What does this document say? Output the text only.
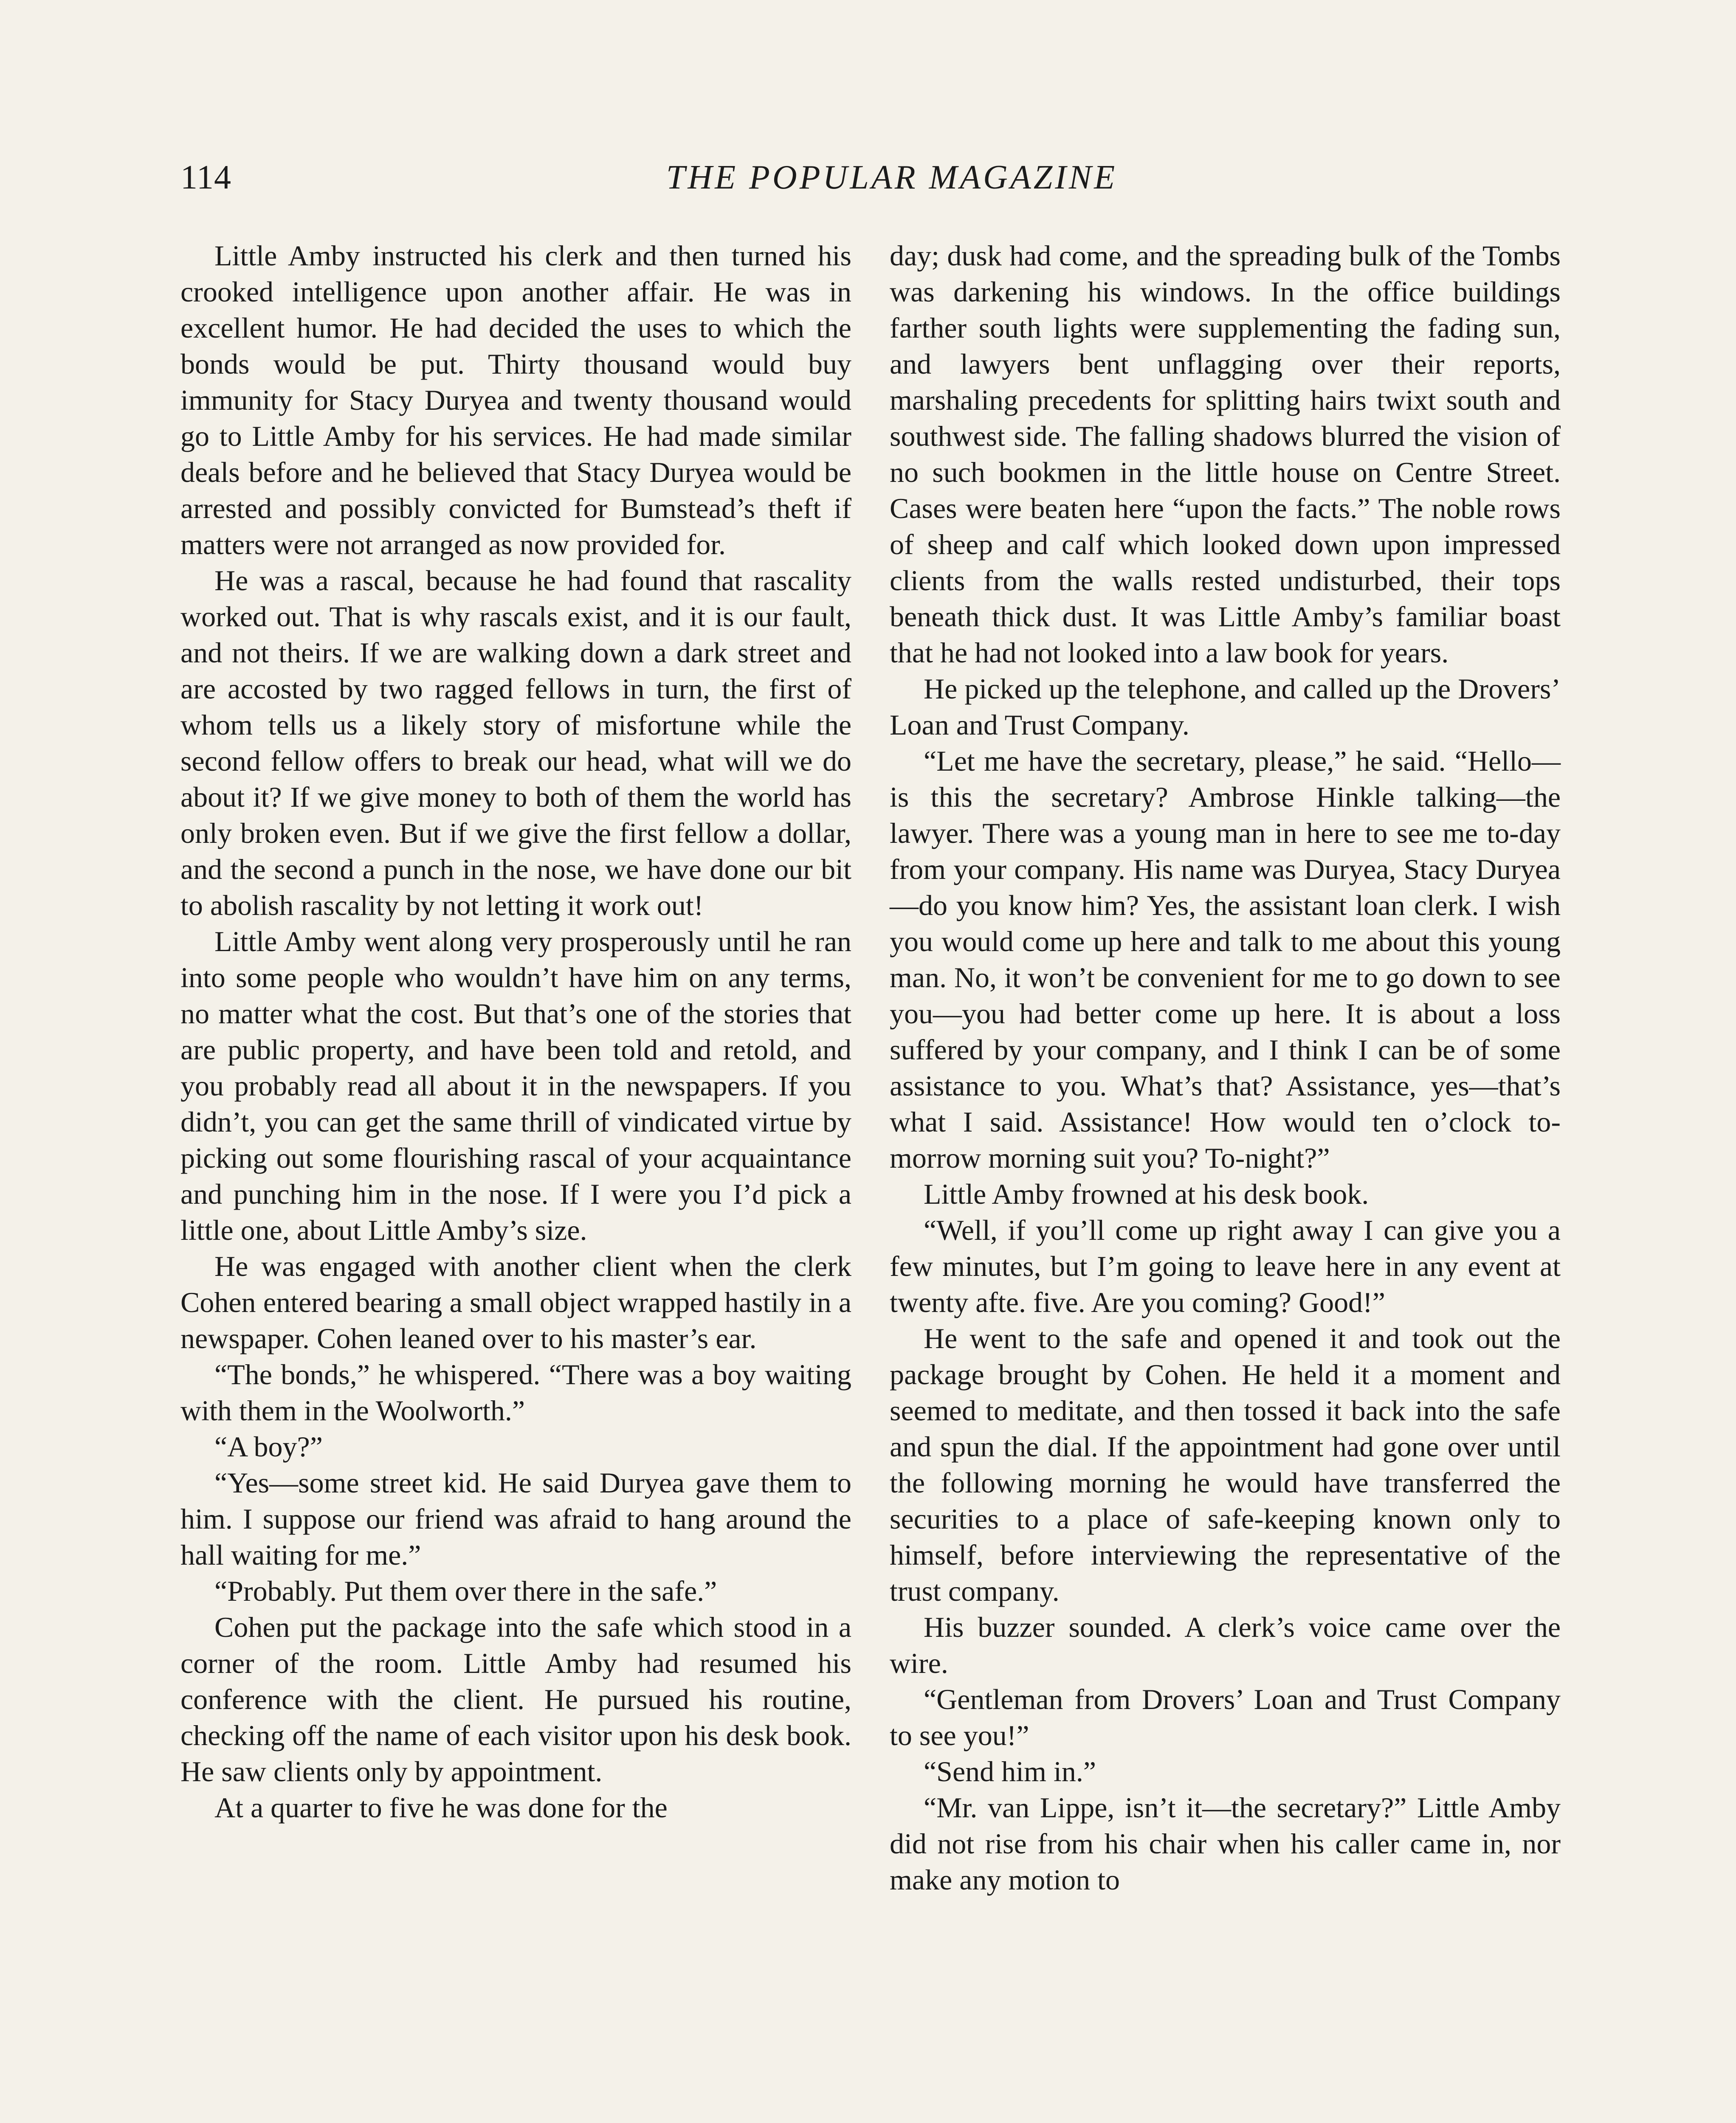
114	THE POPULAR MAGAZINE

Little Amby instructed his clerk and then turned his crooked intelligence upon another affair. He was in excellent humor. He had decided the uses to which the bonds would be put. Thirty thousand would buy immunity for Stacy Duryea and twenty thousand would go to Little Amby for his services. He had made similar deals before and he believed that Stacy Duryea would be arrested and possibly convicted for Bumstead’s theft if matters were not arranged as now provided for.

He was a rascal, because he had found that rascality worked out. That is why rascals exist, and it is our fault, and not theirs. If we are walking down a dark street and are accosted by two ragged fellows in turn, the first of whom tells us a likely story of misfortune while the second fellow offers to break our head, what will we do about it? If we give money to both of them the world has only broken even. But if we give the first fellow a dollar, and the second a punch in the nose, we have done our bit to abolish rascality by not letting it work out!

Little Amby went along very prosperously until he ran into some people who wouldn’t have him on any terms, no matter what the cost. But that’s one of the stories that are public property, and have been told and retold, and you probably read all about it in the newspapers. If you didn’t, you can get the same thrill of vindicated virtue by picking out some flourishing rascal of your acquaintance and punching him in the nose. If I were you I’d pick a little one, about Little Amby’s size.

He was engaged with another client when the clerk Cohen entered bearing a small object wrapped hastily in a newspaper. Cohen leaned over to his master’s ear.

“The bonds,” he whispered. “There was a boy waiting with them in the Woolworth.”

“A boy?”

“Yes—some street kid. He said Duryea gave them to him. I suppose our friend was afraid to hang around the hall waiting for me.”

“Probably. Put them over there in the safe.”

Cohen put the package into the safe which stood in a corner of the room. Little Amby had resumed his conference with the client. He pursued his routine, checking off the name of each visitor upon his desk book. He saw clients only by appointment.

At a quarter to five he was done for the

day; dusk had come, and the spreading bulk of the Tombs was darkening his windows. In the office buildings farther south lights were supplementing the fading sun, and lawyers bent unflagging over their reports, marshaling precedents for splitting hairs twixt south and southwest side. The falling shadows blurred the vision of no such bookmen in the little house on Centre Street. Cases were beaten here “upon the facts.” The noble rows of sheep and calf which looked down upon impressed clients from the walls rested undisturbed, their tops beneath thick dust. It was Little Amby’s familiar boast that he had not looked into a law book for years.

He picked up the telephone, and called up the Drovers’ Loan and Trust Company.

“Let me have the secretary, please,” he said. “Hello—is this the secretary? Ambrose Hinkle talking—the lawyer. There was a young man in here to see me to-day from your company. His name was Duryea, Stacy Duryea—do you know him? Yes, the assistant loan clerk. I wish you would come up here and talk to me about this young man. No, it won’t be convenient for me to go down to see you—you had better come up here. It is about a loss suffered by your company, and I think I can be of some assistance to you. What’s that? Assistance, yes—that’s what I said. Assistance! How would ten o’clock to-morrow morning suit you? To-night?”

Little Amby frowned at his desk book.

“Well, if you’ll come up right away I can give you a few minutes, but I’m going to leave here in any event at twenty afte. five. Are you coming? Good!”

He went to the safe and opened it and took out the package brought by Cohen. He held it a moment and seemed to meditate, and then tossed it back into the safe and spun the dial. If the appointment had gone over until the following morning he would have transferred the securities to a place of safe-keeping known only to himself, before interviewing the representative of the trust company.

His buzzer sounded. A clerk’s voice came over the wire.

“Gentleman from Drovers’ Loan and Trust Company to see you!”

“Send him in.”

“Mr. van Lippe, isn’t it—the secretary?” Little Amby did not rise from his chair when his caller came in, nor make any motion to
